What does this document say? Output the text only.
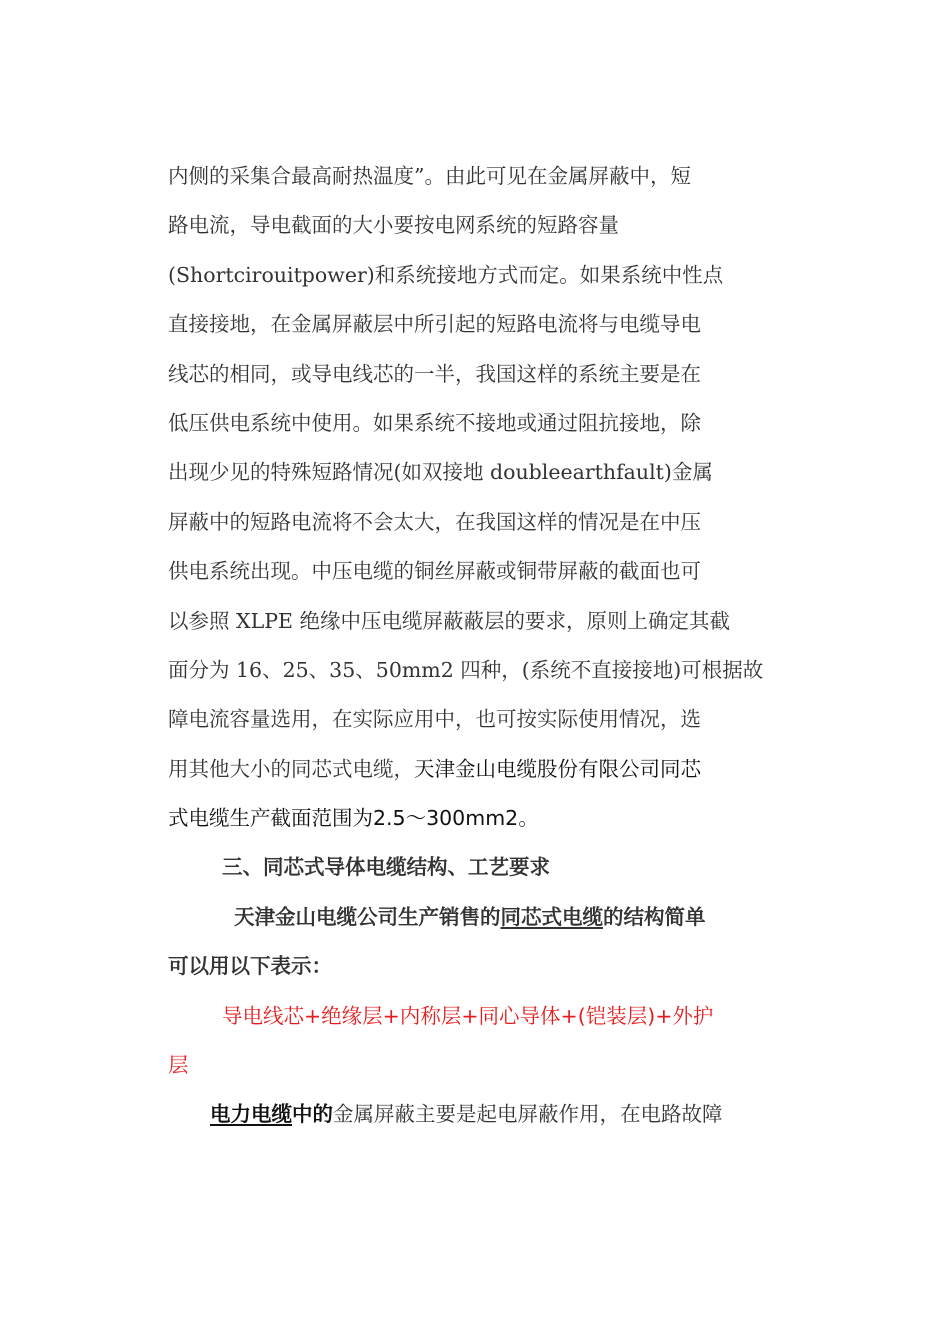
内侧的采集合最高耐热温度”。由此可见在金属屏蔽中，短
路电流，导电截面的大小要按电网系统的短路容量
(Shortcirouitpower)和系统接地方式而定。如果系统中性点
直接接地，在金属屏蔽层中所引起的短路电流将与电缆导电
线芯的相同，或导电线芯的一半，我国这样的系统主要是在
低压供电系统中使用。如果系统不接地或通过阻抗接地，除
出现少见的特殊短路情况(如双接地 doubleearthfault)金属
屏蔽中的短路电流将不会太大，在我国这样的情况是在中压
供电系统出现。中压电缆的铜丝屏蔽或铜带屏蔽的截面也可
以参照 XLPE 绝缘中压电缆屏蔽蔽层的要求，原则上确定其截
面分为 16、25、35、50mm2 四种，(系统不直接接地)可根据故
障电流容量选用，在实际应用中，也可按实际使用情况，选
用其他大小的同芯式电缆，天津金山电缆股份有限公司同芯
式电缆生产截面范围为2.5～300mm2。
三、同芯式导体电缆结构、工艺要求
天津金山电缆公司生产销售的同芯式电缆的结构简单
可以用以下表示：
导电线芯+绝缘层+内称层+同心导体+(铠装层)+外护
层
电力电缆中的金属屏蔽主要是起电屏蔽作用，在电路故障
